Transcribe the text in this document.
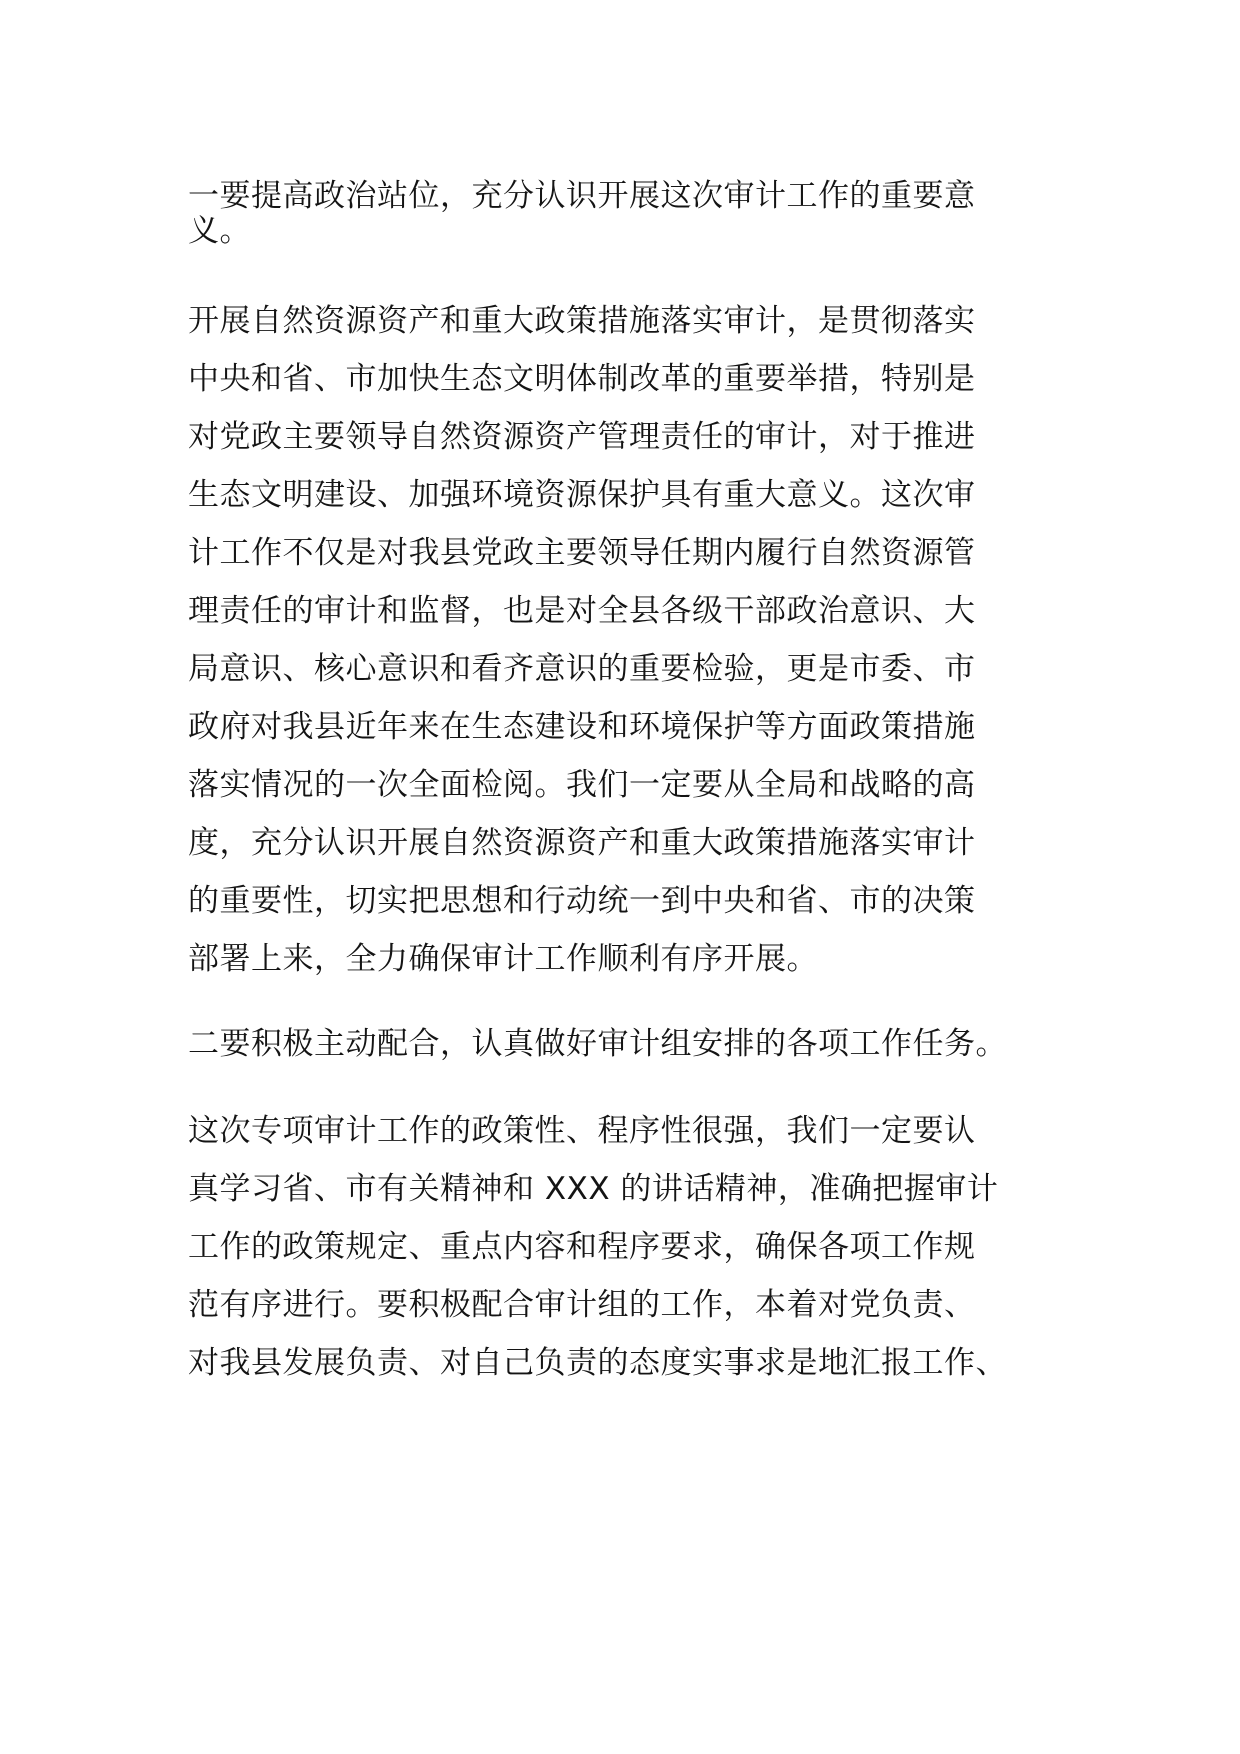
一要提高政治站位，充分认识开展这次审计工作的重要意
义。
开展自然资源资产和重大政策措施落实审计，是贯彻落实
中央和省、市加快生态文明体制改革的重要举措，特别是
对党政主要领导自然资源资产管理责任的审计，对于推进
生态文明建设、加强环境资源保护具有重大意义。这次审
计工作不仅是对我县党政主要领导任期内履行自然资源管
理责任的审计和监督，也是对全县各级干部政治意识、大
局意识、核心意识和看齐意识的重要检验，更是市委、市
政府对我县近年来在生态建设和环境保护等方面政策措施
落实情况的一次全面检阅。我们一定要从全局和战略的高
度，充分认识开展自然资源资产和重大政策措施落实审计
的重要性，切实把思想和行动统一到中央和省、市的决策
部署上来，全力确保审计工作顺利有序开展。
二要积极主动配合，认真做好审计组安排的各项工作任务。
这次专项审计工作的政策性、程序性很强，我们一定要认
真学习省、市有关精神和 XXX 的讲话精神，准确把握审计
工作的政策规定、重点内容和程序要求，确保各项工作规
范有序进行。要积极配合审计组的工作，本着对党负责、
对我县发展负责、对自己负责的态度实事求是地汇报工作、
